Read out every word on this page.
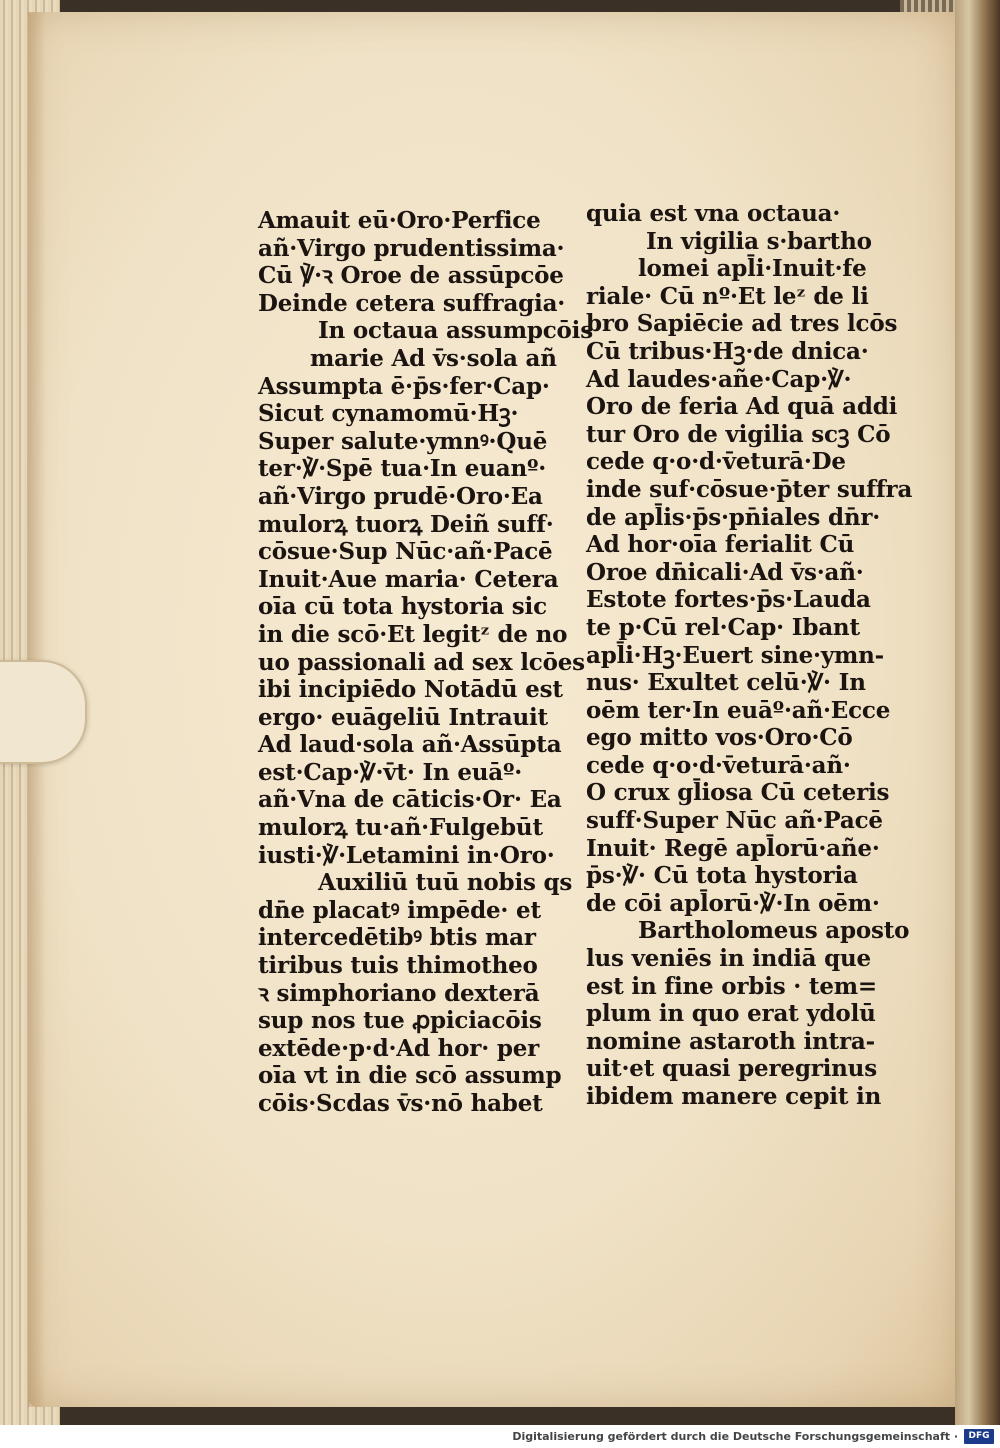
Amauit eū·Oro·Perfice
añ·Virgo prudentissima·
Cū ℣·ꝛ Oroe de assūpcōe
Deinde cetera suffragia·
In octaua assumpcōis
marie Ad v̄s·sola añ
Assumpta ē·p̄s·fer·Cap·
Sicut cynamomū·Hꝫ·
Super salute·ymnꝰ·Quē
ter·℣·Spē tua·In euanº·
añ·Virgo prudē·Oro·Ea
mulorꝝ tuorꝝ Deiñ suff·
cōsue·Sup Nūc·añ·Pacē
Inuit·Aue maria· Cetera
oīa cū tota hystoria sic
in die scō·Et legitᶻ de no
uo passionali ad sex lcōes
ibi incipiēdo Notādū est
ergo· euāgeliū Intrauit
Ad laud·sola añ·Assūpta
est·Cap·℣·v̄t· In euāº·
añ·Vna de cāticis·Or· Ea
mulorꝝ tu·añ·Fulgebūt
iusti·℣·Letamini in·Oro·
Auxiliū tuū nobis qs
dn̄e placatꝰ impēde· et
intercedētibꝰ btis mar
tiribus tuis thimotheo
ꝛ simphoriano dexterā
sup nos tue ꝓpiciacōis
extēde·p·d·Ad hor· per
oīa vt in die scō assump
cōis·Scdas v̄s·nō habet
quia est vna octaua·
In vigilia s·bartho
lomei apl̄i·Inuit·fe
riale· Cū nº·Et leᶻ de li
bro Sapiēcie ad tres lcōs
Cū tribus·Hꝫ·de dnica·
Ad laudes·añe·Cap·℣·
Oro de feria Ad quā addi
tur Oro de vigilia scꝫ Cō
cede q·o·d·v̄eturā·De
inde suf·cōsue·p̄ter suffra
de apl̄is·p̄s·pn̄iales dn̄r·
Ad hor·oīa ferialit Cū
Oroe dn̄icali·Ad v̄s·añ·
Estote fortes·p̄s·Lauda
te p·Cū rel·Cap· Ibant
apl̄i·Hꝫ·Euert sine·ymn-
nus· Exultet celū·℣· In
oēm ter·In euāº·añ·Ecce
ego mitto vos·Oro·Cō
cede q·o·d·v̄eturā·añ·
O crux gl̄iosa Cū ceteris
suff·Super Nūc añ·Pacē
Inuit· Regē apl̄orū·añe·
p̄s·℣· Cū tota hystoria
de cōi apl̄orū·℣·In oēm·
Bartholomeus aposto
lus veniēs in indiā que
est in fine orbis · tem=
plum in quo erat ydolū
nomine astaroth intra-
uit·et quasi peregrinus
ibidem manere cepit in
Digitalisierung gefördert durch die Deutsche Forschungsgemeinschaft ·	DFG
